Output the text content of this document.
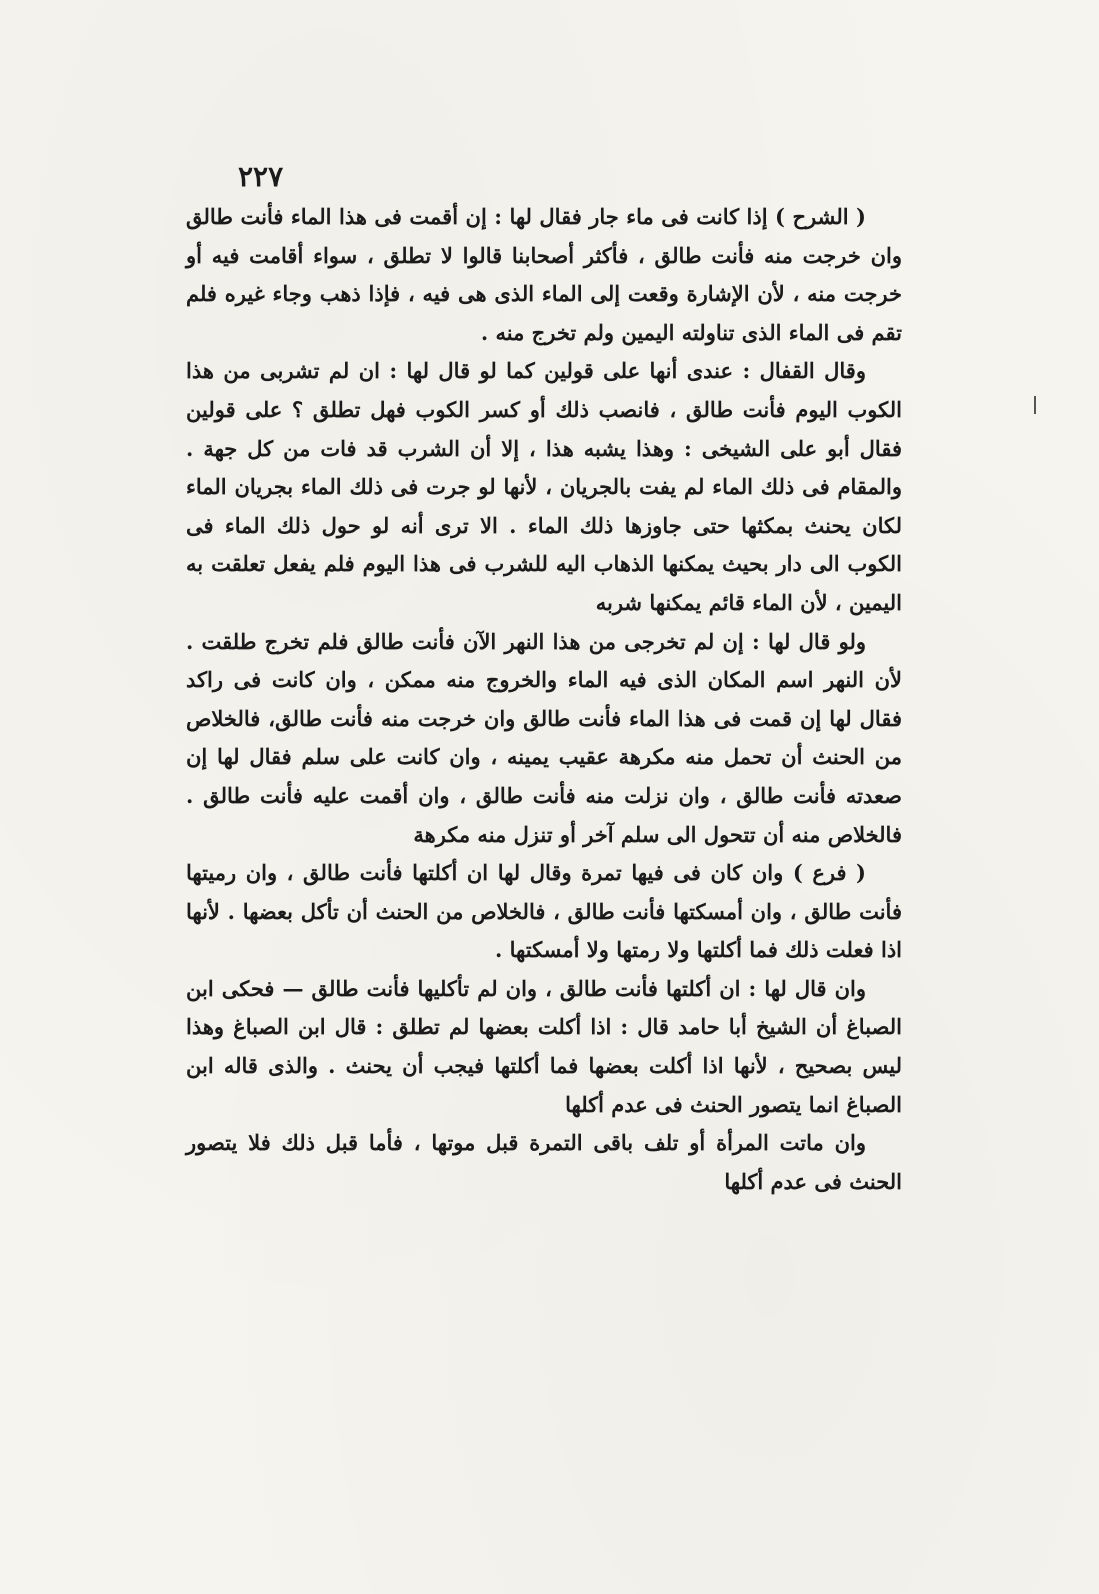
٢٢٧

( الشرح ) إذا كانت فى ماء جار فقال لها : إن أقمت فى هذا الماء فأنت طالق وان خرجت منه فأنت طالق ، فأكثر أصحابنا قالوا لا تطلق ، سواء أقامت فيه أو خرجت منه ، لأن الإشارة وقعت إلى الماء الذى هى فيه ، فإذا ذهب وجاء غيره فلم تقم فى الماء الذى تناولته اليمين ولم تخرج منه .

وقال القفال : عندى أنها على قولين كما لو قال لها : ان لم تشربى من هذا الكوب اليوم فأنت طالق ، فانصب ذلك أو كسر الكوب فهل تطلق ؟ على قولين فقال أبو على الشيخى : وهذا يشبه هذا ، إلا أن الشرب قد فات من كل جهة . والمقام فى ذلك الماء لم يفت بالجريان ، لأنها لو جرت فى ذلك الماء بجريان الماء لكان يحنث بمكثها حتى جاوزها ذلك الماء . الا ترى أنه لو حول ذلك الماء فى الكوب الى دار بحيث يمكنها الذهاب اليه للشرب فى هذا اليوم فلم يفعل تعلقت به اليمين ، لأن الماء قائم يمكنها شربه

ولو قال لها : إن لم تخرجى من هذا النهر الآن فأنت طالق فلم تخرج طلقت . لأن النهر اسم المكان الذى فيه الماء والخروج منه ممكن ، وان كانت فى راكد فقال لها إن قمت فى هذا الماء فأنت طالق وان خرجت منه فأنت طالق، فالخلاص من الحنث أن تحمل منه مكرهة عقيب يمينه ، وان كانت على سلم فقال لها إن صعدته فأنت طالق ، وان نزلت منه فأنت طالق ، وان أقمت عليه فأنت طالق . فالخلاص منه أن تتحول الى سلم آخر أو تنزل منه مكرهة

( فرع ) وان كان فى فيها تمرة وقال لها ان أكلتها فأنت طالق ، وان رميتها فأنت طالق ، وان أمسكتها فأنت طالق ، فالخلاص من الحنث أن تأكل بعضها . لأنها اذا فعلت ذلك فما أكلتها ولا رمتها ولا أمسكتها .

وان قال لها : ان أكلتها فأنت طالق ، وان لم تأكليها فأنت طالق — فحكى ابن الصباغ أن الشيخ أبا حامد قال : اذا أكلت بعضها لم تطلق : قال ابن الصباغ وهذا ليس بصحيح ، لأنها اذا أكلت بعضها فما أكلتها فيجب أن يحنث . والذى قاله ابن الصباغ انما يتصور الحنث فى عدم أكلها

وان ماتت المرأة أو تلف باقى التمرة قبل موتها ، فأما قبل ذلك فلا يتصور الحنث فى عدم أكلها
